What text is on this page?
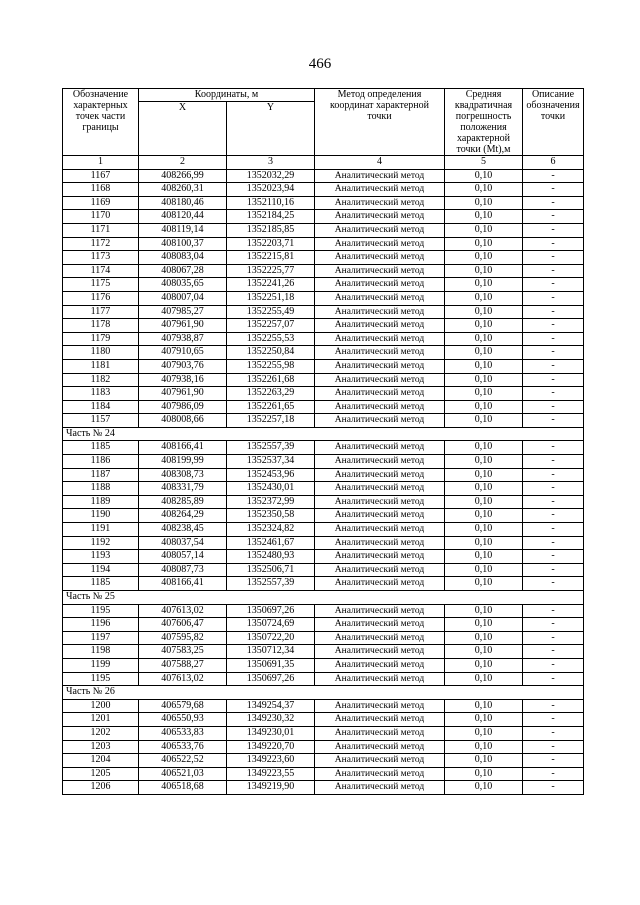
466
Обозначение характерных точек части границы	Координаты, м		Метод определения координат характерной точки	Средняя квадратичная погрешность положения характерной точки (Mt),м	Описание обозначения точки
	X	Y			
1	2	3	4	5	6
1167	408266,99	1352032,29	Аналитический метод	0,10	-
1168	408260,31	1352023,94	Аналитический метод	0,10	-
1169	408180,46	1352110,16	Аналитический метод	0,10	-
1170	408120,44	1352184,25	Аналитический метод	0,10	-
1171	408119,14	1352185,85	Аналитический метод	0,10	-
1172	408100,37	1352203,71	Аналитический метод	0,10	-
1173	408083,04	1352215,81	Аналитический метод	0,10	-
1174	408067,28	1352225,77	Аналитический метод	0,10	-
1175	408035,65	1352241,26	Аналитический метод	0,10	-
1176	408007,04	1352251,18	Аналитический метод	0,10	-
1177	407985,27	1352255,49	Аналитический метод	0,10	-
1178	407961,90	1352257,07	Аналитический метод	0,10	-
1179	407938,87	1352255,53	Аналитический метод	0,10	-
1180	407910,65	1352250,84	Аналитический метод	0,10	-
1181	407903,76	1352255,98	Аналитический метод	0,10	-
1182	407938,16	1352261,68	Аналитический метод	0,10	-
1183	407961,90	1352263,29	Аналитический метод	0,10	-
1184	407986,09	1352261,65	Аналитический метод	0,10	-
1157	408008,66	1352257,18	Аналитический метод	0,10	-
Часть № 24					
1185	408166,41	1352557,39	Аналитический метод	0,10	-
1186	408199,99	1352537,34	Аналитический метод	0,10	-
1187	408308,73	1352453,96	Аналитический метод	0,10	-
1188	408331,79	1352430,01	Аналитический метод	0,10	-
1189	408285,89	1352372,99	Аналитический метод	0,10	-
1190	408264,29	1352350,58	Аналитический метод	0,10	-
1191	408238,45	1352324,82	Аналитический метод	0,10	-
1192	408037,54	1352461,67	Аналитический метод	0,10	-
1193	408057,14	1352480,93	Аналитический метод	0,10	-
1194	408087,73	1352506,71	Аналитический метод	0,10	-
1185	408166,41	1352557,39	Аналитический метод	0,10	-
Часть № 25					
1195	407613,02	1350697,26	Аналитический метод	0,10	-
1196	407606,47	1350724,69	Аналитический метод	0,10	-
1197	407595,82	1350722,20	Аналитический метод	0,10	-
1198	407583,25	1350712,34	Аналитический метод	0,10	-
1199	407588,27	1350691,35	Аналитический метод	0,10	-
1195	407613,02	1350697,26	Аналитический метод	0,10	-
Часть № 26					
1200	406579,68	1349254,37	Аналитический метод	0,10	-
1201	406550,93	1349230,32	Аналитический метод	0,10	-
1202	406533,83	1349230,01	Аналитический метод	0,10	-
1203	406533,76	1349220,70	Аналитический метод	0,10	-
1204	406522,52	1349223,60	Аналитический метод	0,10	-
1205	406521,03	1349223,55	Аналитический метод	0,10	-
1206	406518,68	1349219,90	Аналитический метод	0,10	-
